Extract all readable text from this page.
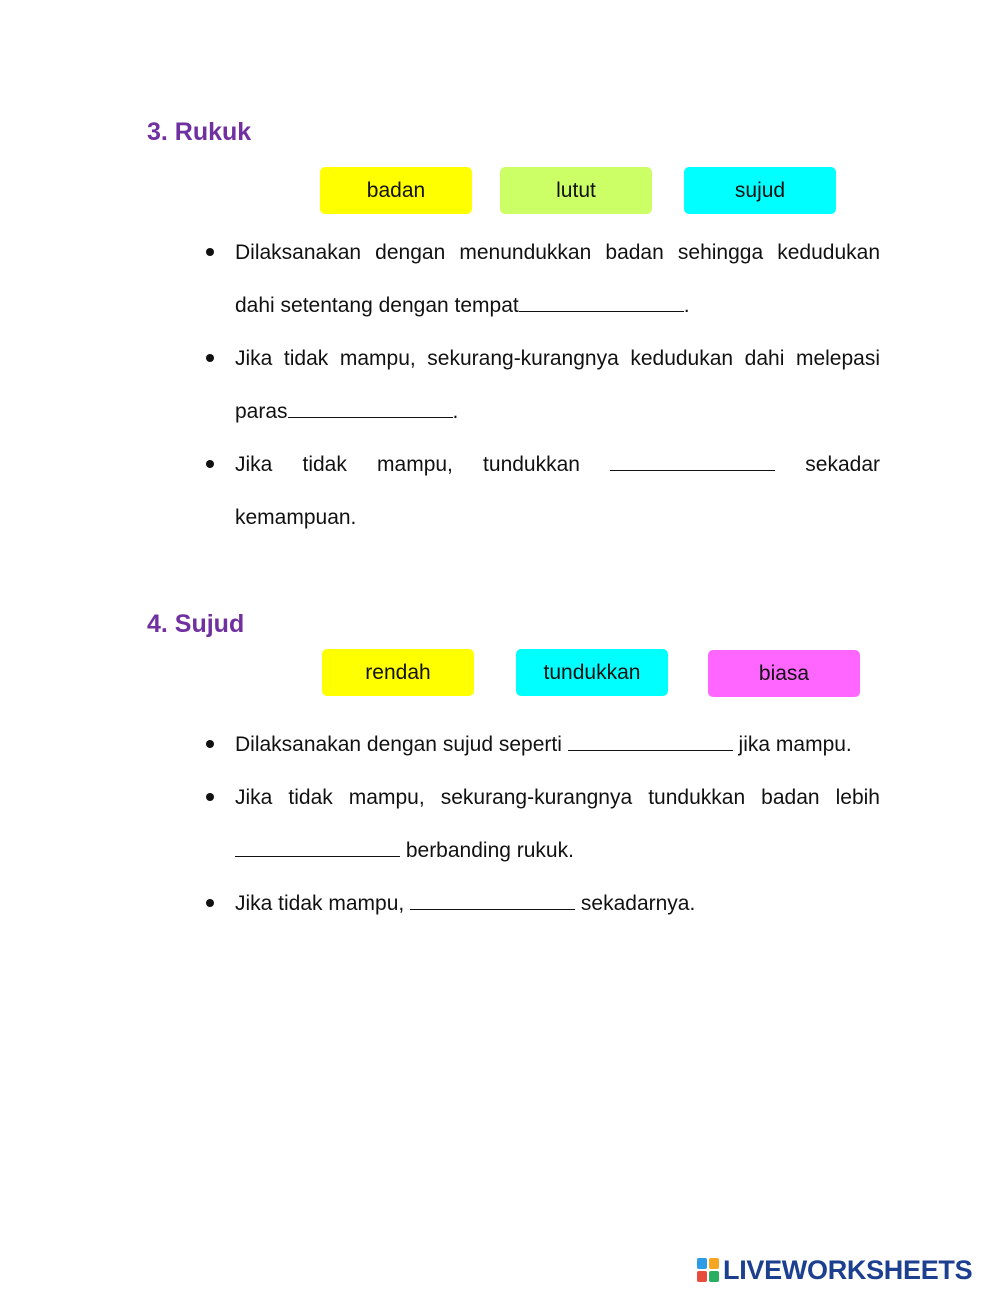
3. Rukuk
badan	lutut	sujud
Dilaksanakan dengan menundukkan badan sehingga kedudukan dahi setentang dengan tempat	.
Jika tidak mampu, sekurang-kurangnya kedudukan dahi melepasi paras	.
Jika tidak mampu, tundukkan	sekadar kemampuan.
4. Sujud
rendah	tundukkan	biasa
Dilaksanakan dengan sujud seperti	jika mampu.
Jika tidak mampu, sekurang-kurangnya tundukkan badan lebih  berbanding rukuk.
Jika tidak mampu,	sekadarnya.
LIVEWORKSHEETS
